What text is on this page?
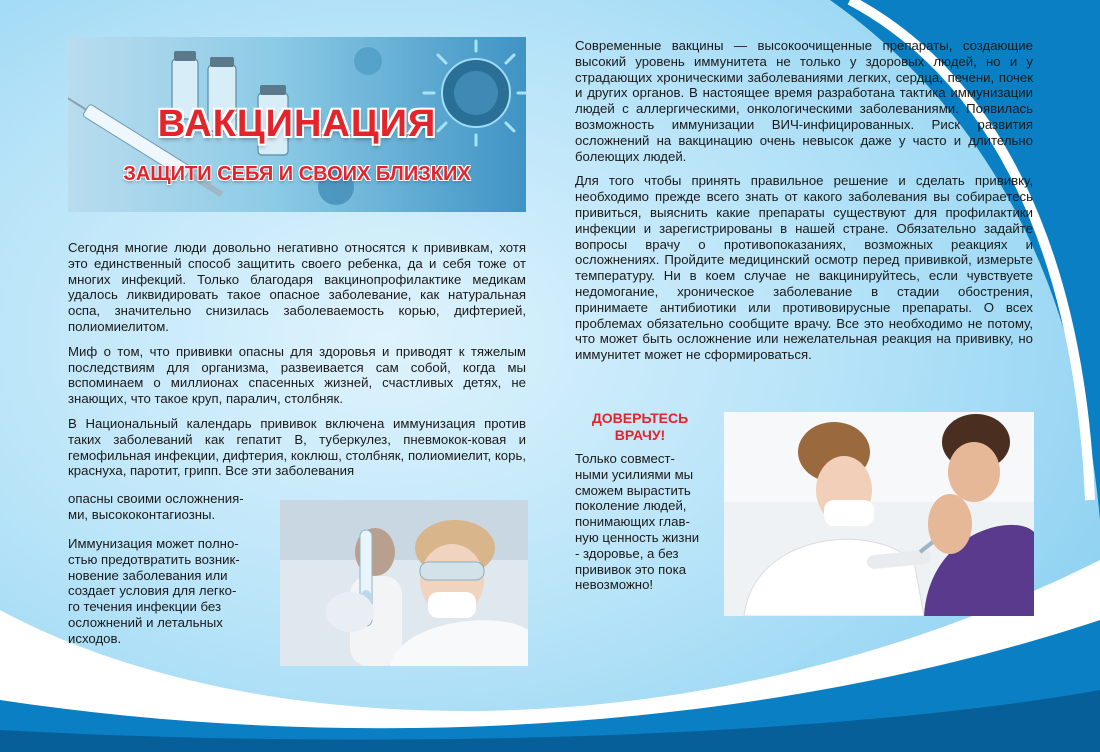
ВАКЦИНАЦИЯ
ЗАЩИТИ СЕБЯ И СВОИХ БЛИЗКИХ

Сегодня многие люди довольно негативно относятся к прививкам, хотя это единственный способ защитить своего ребенка, да и себя тоже от многих инфекций. Только благодаря вакцинопрофилактике медикам удалось ликвидировать такое опасное заболевание, как натуральная оспа, значительно снизилась заболеваемость корью, дифтерией, полиомиелитом.

Миф о том, что прививки опасны для здоровья и приводят к тяжелым последствиям для организма, развеивается сам собой, когда мы вспоминаем о миллионах спасенных жизней, счастливых детях, не знающих, что такое круп, паралич, столбняк.

В Национальный календарь прививок включена иммунизация против таких заболеваний как гепатит В, туберкулез, пневмокок-ковая и гемофильная инфекции, дифтерия, коклюш, столбняк, полиомиелит, корь, краснуха, паротит, грипп. Все эти заболевания

опасны своими осложнения-
ми, высококонтагиозны.
Иммунизация может полно-
стью предотвратить возник-
новение заболевания или
создает условия для легко-
го течения инфекции без
осложнений и летальных
исходов.

Современные вакцины — высокоочищенные препараты, создающие высокий уровень иммунитета не только у здоровых людей, но и у страдающих хроническими заболеваниями легких, сердца, печени, почек и других органов. В настоящее время разработана тактика иммунизации людей с аллергическими, онкологическими заболеваниями. Появилась возможность иммунизации ВИЧ-инфицированных. Риск развития осложнений на вакцинацию очень невысок даже у часто и длительно болеющих людей.

Для того чтобы принять правильное решение и сделать прививку, необходимо прежде всего знать от какого заболевания вы собираетесь привиться, выяснить какие препараты существуют для профилактики инфекции и зарегистрированы в нашей стране. Обязательно задайте вопросы врачу о противопоказаниях, возможных реакциях и осложнениях. Пройдите медицинский осмотр перед прививкой, измерьте температуру. Ни в коем случае не вакцинируйтесь, если чувствуете недомогание, хроническое заболевание в стадии обострения, принимаете антибиотики или противовирусные препараты. О всех проблемах обязательно сообщите врачу. Все это необходимо не потому, что может быть осложнение или нежелательная реакция на прививку, но иммунитет может не сформироваться.

ДОВЕРЬТЕСЬ
ВРАЧУ!
Только совмест-
ными усилиями мы
сможем вырастить
поколение людей,
понимающих глав-
ную ценность жизни
- здоровье, а без
прививок это пока
невозможно!
